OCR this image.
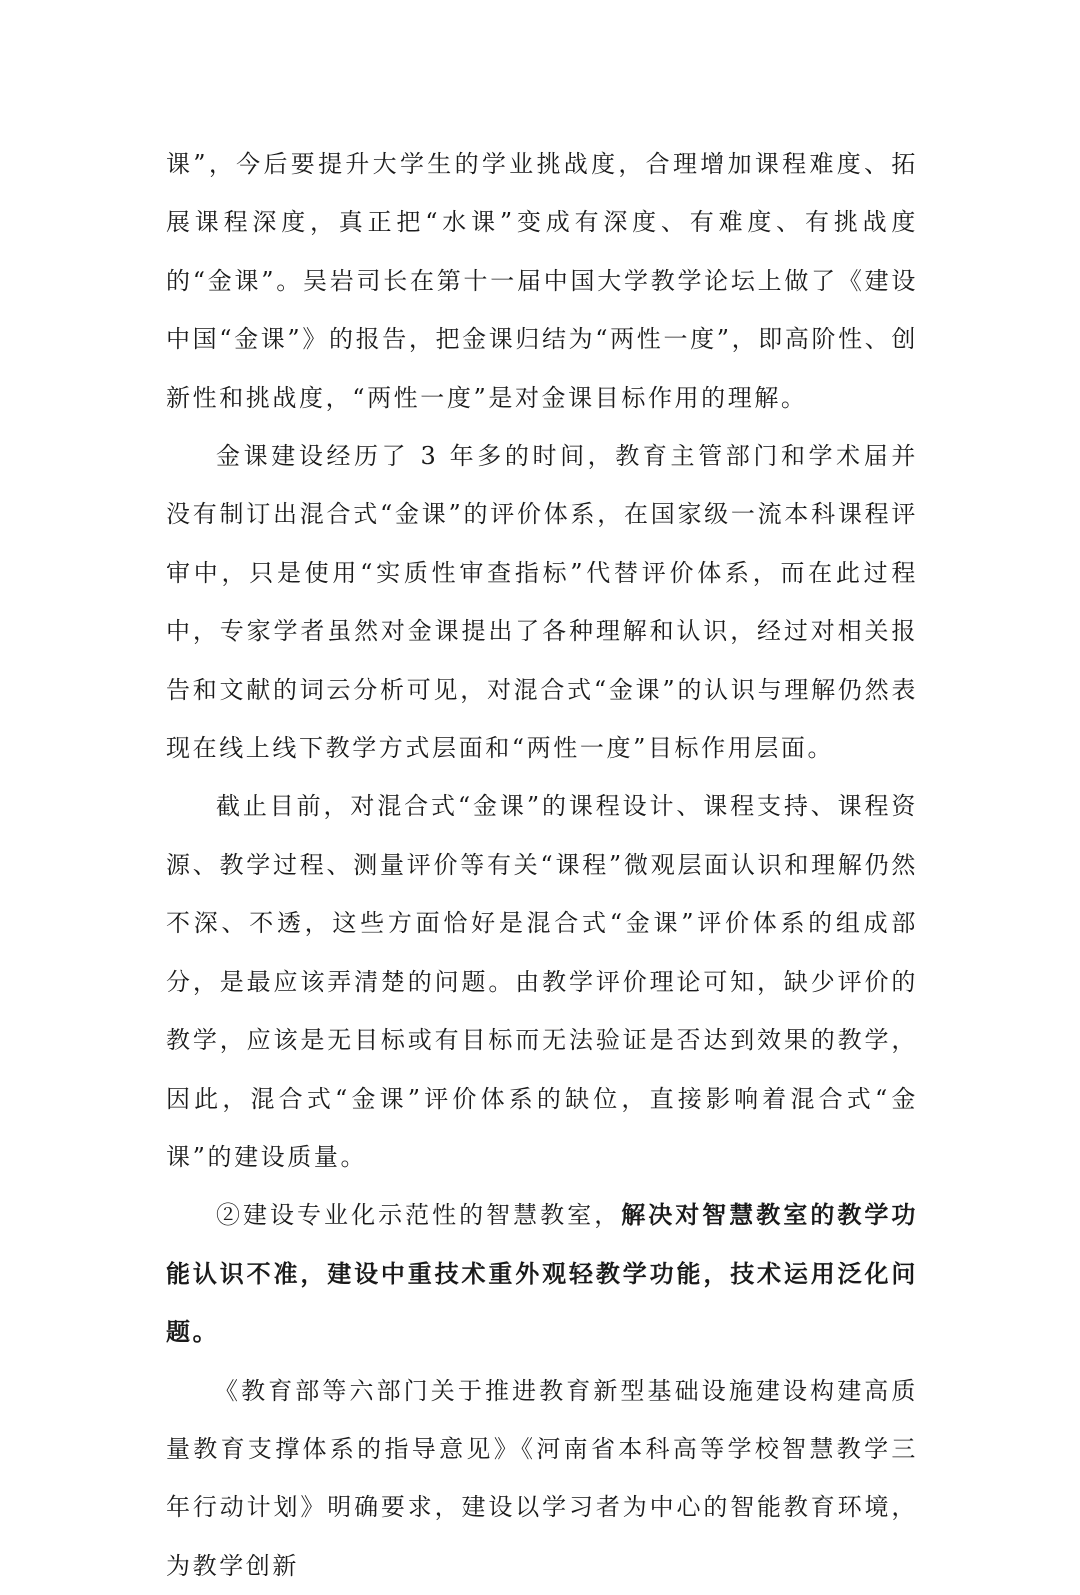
课”，今后要提升大学生的学业挑战度，合理增加课程难度、拓展课程深度，真正把“水课”变成有深度、有难度、有挑战度的“金课”。吴岩司长在第十一届中国大学教学论坛上做了《建设中国“金课”》的报告，把金课归结为“两性一度”，即高阶性、创新性和挑战度，“两性一度”是对金课目标作用的理解。

金课建设经历了 3 年多的时间，教育主管部门和学术届并没有制订出混合式“金课”的评价体系，在国家级一流本科课程评审中，只是使用“实质性审查指标”代替评价体系，而在此过程中，专家学者虽然对金课提出了各种理解和认识，经过对相关报告和文献的词云分析可见，对混合式“金课”的认识与理解仍然表现在线上线下教学方式层面和“两性一度”目标作用层面。

截止目前，对混合式“金课”的课程设计、课程支持、课程资源、教学过程、测量评价等有关“课程”微观层面认识和理解仍然不深、不透，这些方面恰好是混合式“金课”评价体系的组成部分，是最应该弄清楚的问题。由教学评价理论可知，缺少评价的教学，应该是无目标或有目标而无法验证是否达到效果的教学，因此，混合式“金课”评价体系的缺位，直接影响着混合式“金课”的建设质量。

②建设专业化示范性的智慧教室，解决对智慧教室的教学功能认识不准，建设中重技术重外观轻教学功能，技术运用泛化问题。

《教育部等六部门关于推进教育新型基础设施建设构建高质量教育支撑体系的指导意见》《河南省本科高等学校智慧教学三年行动计划》明确要求，建设以学习者为中心的智能教育环境，为教学创新
